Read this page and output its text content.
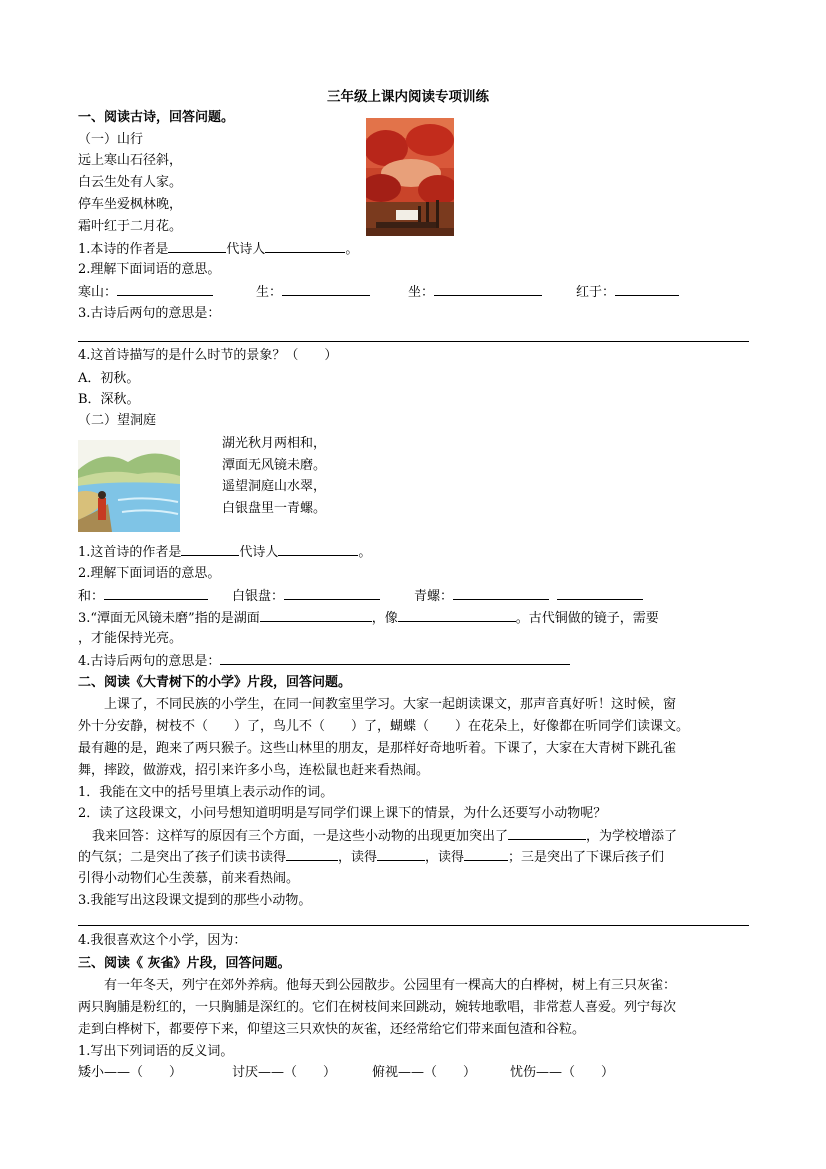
三年级上课内阅读专项训练
一、阅读古诗，回答问题。
（一）山行
远上寒山石径斜，
白云生处有人家。
停车坐爱枫林晚，
霜叶红于二月花。
1.本诗的作者是	代诗人	。
2.理解下面词语的意思。
寒山：	生：	坐：	红于：
3.古诗后两句的意思是：
4.这首诗描写的是什么时节的景象？（　　）
A．初秋。
B．深秋。
（二）望洞庭
湖光秋月两相和，
潭面无风镜未磨。
遥望洞庭山水翠，
白银盘里一青螺。
1.这首诗的作者是	代诗人	。
2.理解下面词语的意思。
和：	白银盘：	青螺：
3.“潭面无风镜未磨”指的是湖面	，像	。古代铜做的镜子，需要
，才能保持光亮。
4.古诗后两句的意思是：
二、阅读《大青树下的小学》片段，回答问题。
上课了，不同民族的小学生，在同一间教室里学习。大家一起朗读课文，那声音真好听！这时候，窗
外十分安静，树枝不（　　）了，鸟儿不（　　）了，蝴蝶（　　）在花朵上，好像都在听同学们读课文。
最有趣的是，跑来了两只猴子。这些山林里的朋友，是那样好奇地听着。下课了，大家在大青树下跳孔雀
舞，摔跤，做游戏，招引来许多小鸟，连松鼠也赶来看热闹。
1．我能在文中的括号里填上表示动作的词。
2．读了这段课文，小问号想知道明明是写同学们课上课下的情景，为什么还要写小动物呢？
我来回答：这样写的原因有三个方面，一是这些小动物的出现更加突出了	，为学校增添了
的气氛；二是突出了孩子们读书读得	，读得	，读得	；三是突出了下课后孩子们
引得小动物们心生羡慕，前来看热闹。
3.我能写出这段课文提到的那些小动物。
4.我很喜欢这个小学，因为：
三、阅读《 灰雀》片段，回答问题。
有一年冬天，列宁在郊外养病。他每天到公园散步。公园里有一棵高大的白桦树，树上有三只灰雀：
两只胸脯是粉红的，一只胸脯是深红的。它们在树枝间来回跳动，婉转地歌唱，非常惹人喜爱。列宁每次
走到白桦树下，都要停下来，仰望这三只欢快的灰雀，还经常给它们带来面包渣和谷粒。
1.写出下列词语的反义词。
矮小——（　　）	讨厌——（　　）	俯视——（　　）	忧伤——（　　）
